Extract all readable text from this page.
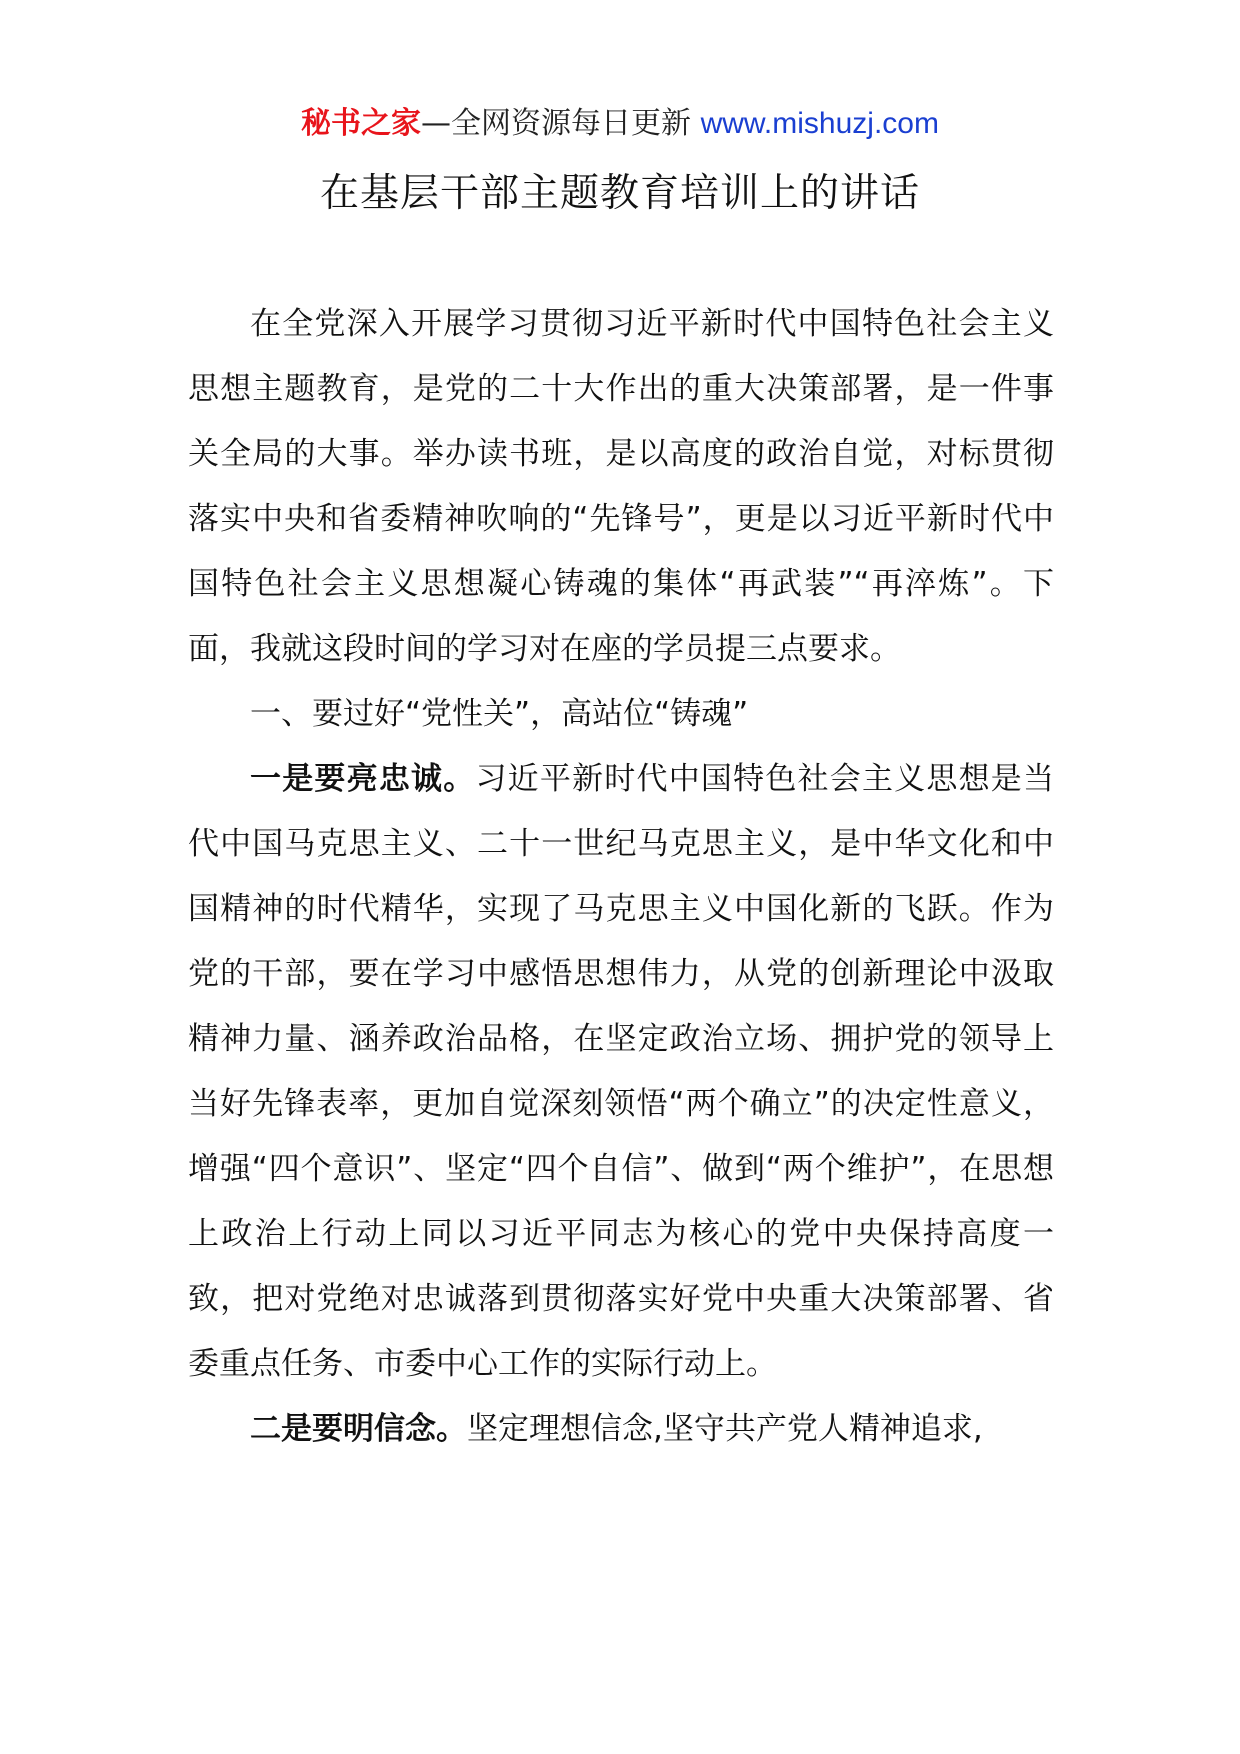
秘书之家—全网资源每日更新 www.mishuzj.com
在基层干部主题教育培训上的讲话

在全党深入开展学习贯彻习近平新时代中国特色社会主义思想主题教育，是党的二十大作出的重大决策部署，是一件事关全局的大事。举办读书班，是以高度的政治自觉，对标贯彻落实中央和省委精神吹响的“先锋号”，更是以习近平新时代中国特色社会主义思想凝心铸魂的集体“再武装”“再淬炼”。下面，我就这段时间的学习对在座的学员提三点要求。

一、要过好“党性关”，高站位“铸魂”

一是要亮忠诚。习近平新时代中国特色社会主义思想是当代中国马克思主义、二十一世纪马克思主义，是中华文化和中国精神的时代精华，实现了马克思主义中国化新的飞跃。作为党的干部，要在学习中感悟思想伟力，从党的创新理论中汲取精神力量、涵养政治品格，在坚定政治立场、拥护党的领导上当好先锋表率，更加自觉深刻领悟“两个确立”的决定性意义，增强“四个意识”、坚定“四个自信”、做到“两个维护”，在思想上政治上行动上同以习近平同志为核心的党中央保持高度一致，把对党绝对忠诚落到贯彻落实好党中央重大决策部署、省委重点任务、市委中心工作的实际行动上。

二是要明信念。坚定理想信念,坚守共产党人精神追求,
